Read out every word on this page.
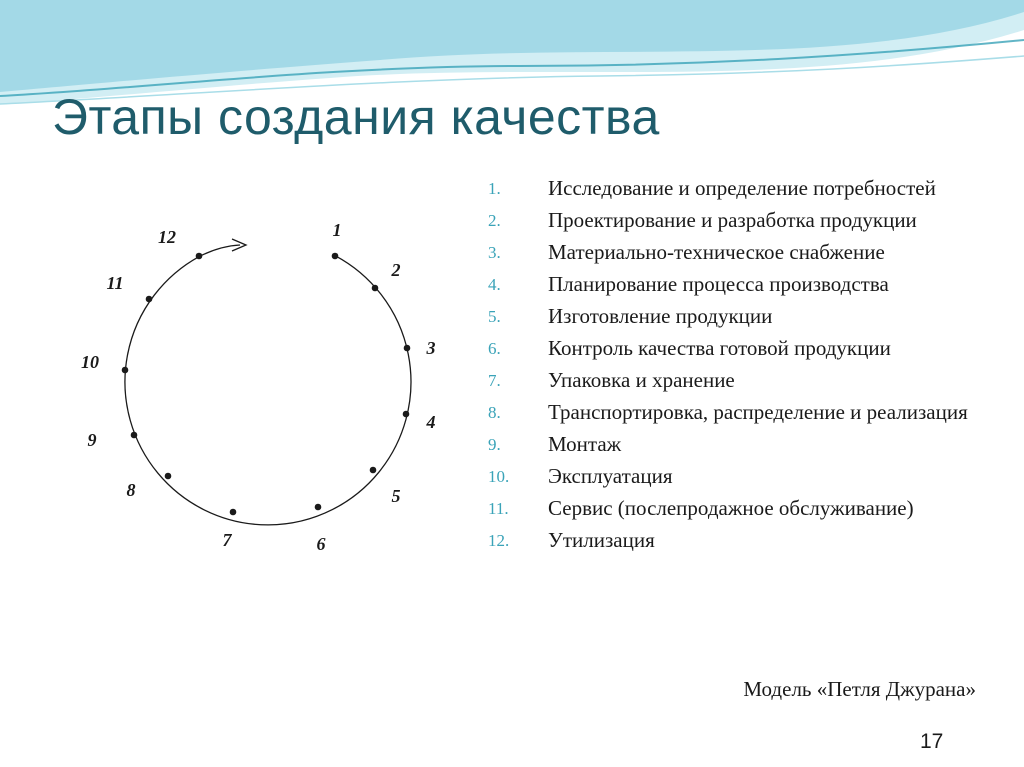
Этапы создания качества
1
2
3
4
5
6
7
8
9
10
11
12
1.	Исследование и определение потребностей
2.	Проектирование и разработка продукции
3.	Материально-техническое снабжение
4.	Планирование процесса производства
5.	Изготовление продукции
6.	Контроль качества готовой продукции
7.	Упаковка и хранение
8.	Транспортировка, распределение и реализация
9.	Монтаж
10.	Эксплуатация
11.	Сервис (послепродажное обслуживание)
12.	Утилизация
Модель «Петля Джурана»
17
